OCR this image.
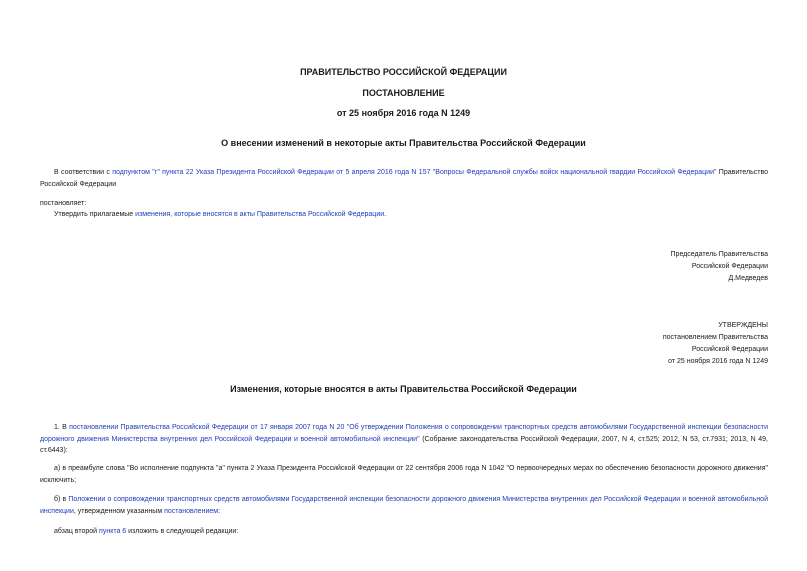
ПРАВИТЕЛЬСТВО РОССИЙСКОЙ ФЕДЕРАЦИИ
ПОСТАНОВЛЕНИЕ
от 25 ноября 2016 года N 1249
О внесении изменений в некоторые акты Правительства Российской Федерации
В соответствии с подпунктом "г" пункта 22 Указа Президента Российской Федерации от 5 апреля 2016 года N 157 "Вопросы Федеральной службы войск национальной гвардии Российской Федерации" Правительство Российской Федерации
постановляет:
Утвердить прилагаемые изменения, которые вносятся в акты Правительства Российской Федерации.
Председатель Правительства
Российской Федерации
Д.Медведев
УТВЕРЖДЕНЫ
постановлением Правительства
Российской Федерации
от 25 ноября 2016 года N 1249
Изменения, которые вносятся в акты Правительства Российской Федерации
1. В постановлении Правительства Российской Федерации от 17 января 2007 года N 20 "Об утверждении Положения о сопровождении транспортных средств автомобилями Государственной инспекции безопасности дорожного движения Министерства внутренних дел Российской Федерации и военной автомобильной инспекции" (Собрание законодательства Российской Федерации, 2007, N 4, ст.525; 2012, N 53, ст.7931; 2013, N 49, ст.6443):
а) в преамбуле слова "Во исполнение подпункта "а" пункта 2 Указа Президента Российской Федерации от 22 сентября 2006 года N 1042 "О первоочередных мерах по обеспечению безопасности дорожного движения" исключить;
б) в Положении о сопровождении транспортных средств автомобилями Государственной инспекции безопасности дорожного движения Министерства внутренних дел Российской Федерации и военной автомобильной инспекции, утвержденном указанным постановлением:
абзац второй пункта 6 изложить в следующей редакции:
